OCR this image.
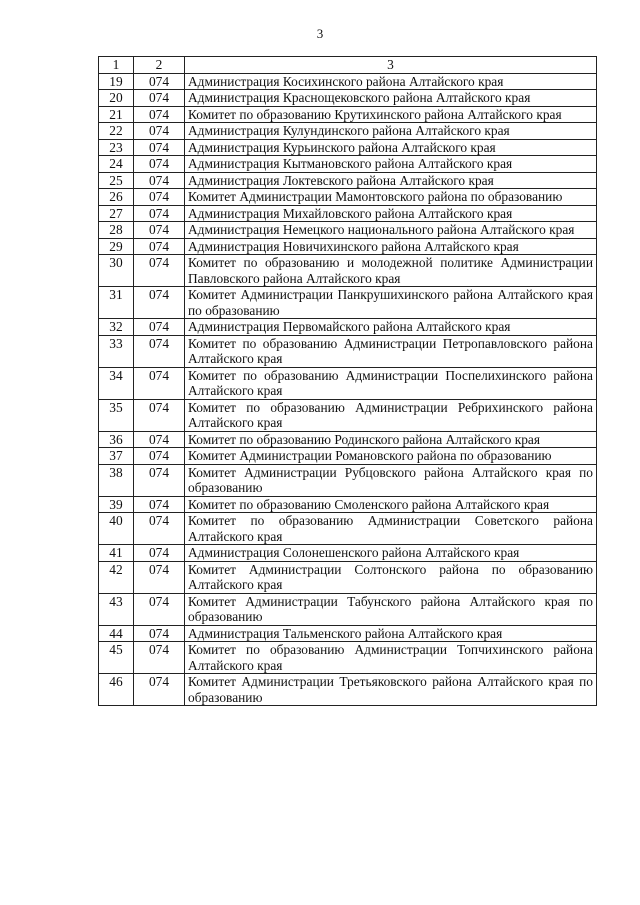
3
1	2	3
19	074	Администрация Косихинского района Алтайского края
20	074	Администрация Краснощековского района Алтайского края
21	074	Комитет по образованию Крутихинского района Алтайского края
22	074	Администрация Кулундинского района Алтайского края
23	074	Администрация Курьинского района Алтайского края
24	074	Администрация Кытмановского района Алтайского края
25	074	Администрация Локтевского района Алтайского края
26	074	Комитет Администрации Мамонтовского района по образованию
27	074	Администрация Михайловского района Алтайского края
28	074	Администрация Немецкого национального района Алтайского края
29	074	Администрация Новичихинского района Алтайского края
30	074	Комитет по образованию и молодежной политике Администрации Павловского района Алтайского края
31	074	Комитет Администрации Панкрушихинского района Алтайского края по образованию
32	074	Администрация Первомайского района Алтайского края
33	074	Комитет по образованию Администрации Петропавловского района Алтайского края
34	074	Комитет по образованию Администрации Поспелихинского района Алтайского края
35	074	Комитет по образованию Администрации Ребрихинского района Алтайского края
36	074	Комитет по образованию Родинского района Алтайского края
37	074	Комитет Администрации Романовского района по образованию
38	074	Комитет Администрации Рубцовского района Алтайского края по образованию
39	074	Комитет по образованию Смоленского района Алтайского края
40	074	Комитет по образованию Администрации Советского района Алтайского края
41	074	Администрация Солонешенского района Алтайского края
42	074	Комитет Администрации Солтонского района по образованию Алтайского края
43	074	Комитет Администрации Табунского района Алтайского края по образованию
44	074	Администрация Тальменского района Алтайского края
45	074	Комитет по образованию Администрации Топчихинского района Алтайского края
46	074	Комитет Администрации Третьяковского района Алтайского края по образованию
